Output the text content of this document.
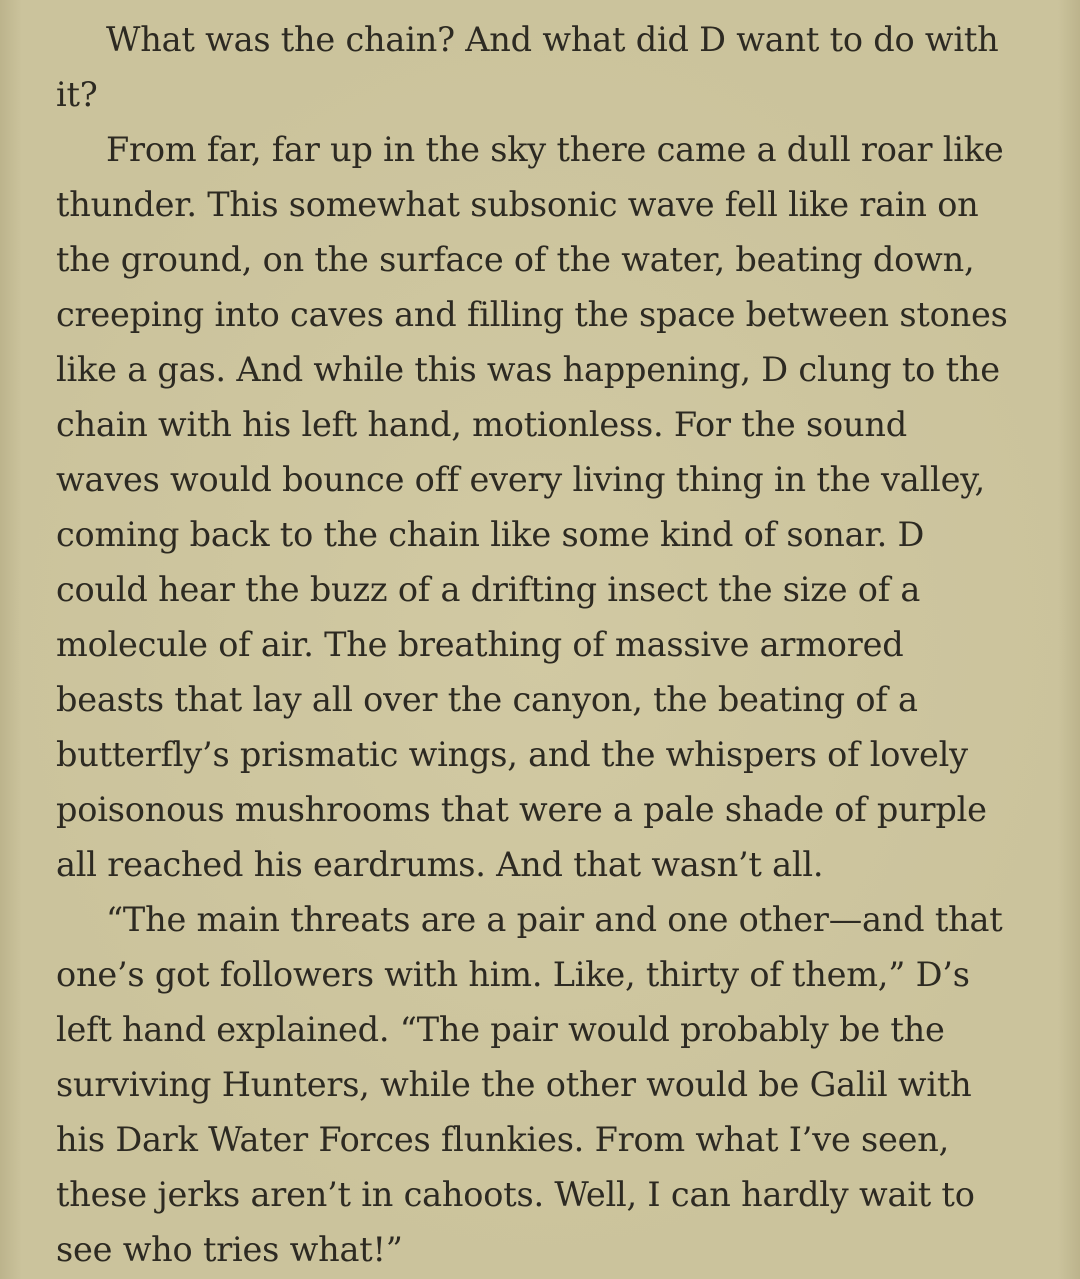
What was the chain? And what did D want to do with it?

From far, far up in the sky there came a dull roar like thunder. This somewhat subsonic wave fell like rain on the ground, on the surface of the water, beating down, creeping into caves and filling the space between stones like a gas. And while this was happening, D clung to the chain with his left hand, motionless. For the sound waves would bounce off every living thing in the valley, coming back to the chain like some kind of sonar. D could hear the buzz of a drifting insect the size of a molecule of air. The breathing of massive armored beasts that lay all over the canyon, the beating of a butterfly’s prismatic wings, and the whispers of lovely poisonous mushrooms that were a pale shade of purple all reached his eardrums. And that wasn’t all.

“The main threats are a pair and one other—and that one’s got followers with him. Like, thirty of them,” D’s left hand explained. “The pair would probably be the surviving Hunters, while the other would be Galil with his Dark Water Forces flunkies. From what I’ve seen, these jerks aren’t in cahoots. Well, I can hardly wait to see who tries what!”
